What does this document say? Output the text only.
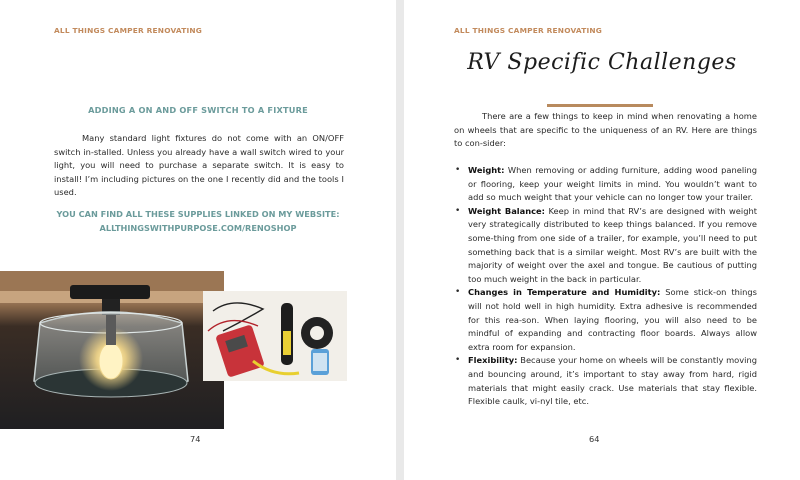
ALL THINGS CAMPER RENOVATING
ADDING A ON AND OFF SWITCH TO A FIXTURE
Many standard light fixtures do not come with an ON/OFF switch in-stalled. Unless you already have a wall switch wired to your light, you will need to purchase a separate switch. It is easy to install! I’m including pictures on the one I recently did and the tools I used.
YOU CAN FIND ALL THESE SUPPLIES LINKED ON MY WEBSITE:
ALLTHINGSWITHPURPOSE.COM/RENOSHOP
74
ALL THINGS CAMPER RENOVATING
RV Specific Challenges
There are a few things to keep in mind when renovating a home on wheels that are specific to the uniqueness of an RV. Here are things to con-sider:
• Weight: When removing or adding furniture, adding wood paneling or flooring, keep your weight limits in mind. You wouldn’t want to add so much weight that your vehicle can no longer tow your trailer.
• Weight Balance: Keep in mind that RV’s are designed with weight very strategically distributed to keep things balanced. If you remove some-thing from one side of a trailer, for example, you’ll need to put something back that is a similar weight. Most RV’s are built with the majority of weight over the axel and tongue. Be cautious of putting too much weight in the back in particular.
• Changes in Temperature and Humidity: Some stick-on things will not hold well in high humidity. Extra adhesive is recommended for this rea-son. When laying flooring, you will also need to be mindful of expanding and contracting floor boards. Always allow extra room for expansion.
• Flexibility: Because your home on wheels will be constantly moving and bouncing around, it’s important to stay away from hard, rigid materials that might easily crack. Use materials that stay flexible. Flexible caulk, vi-nyl tile, etc.
64
